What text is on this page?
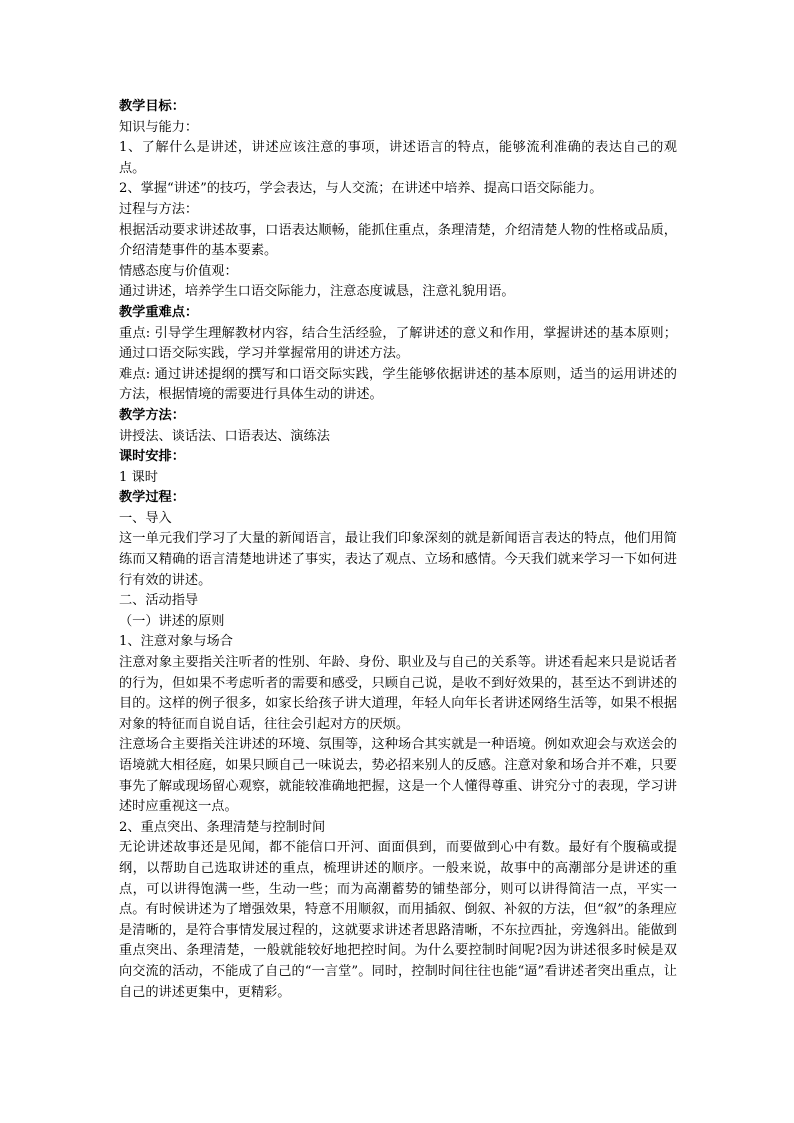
教学目标：
知识与能力：
1、了解什么是讲述，讲述应该注意的事项，讲述语言的特点，能够流利准确的表达自己的观点。
2、掌握“讲述”的技巧，学会表达，与人交流；在讲述中培养、提高口语交际能力。
过程与方法：
根据活动要求讲述故事，口语表达顺畅，能抓住重点，条理清楚，介绍清楚人物的性格或品质，介绍清楚事件的基本要素。
情感态度与价值观：
通过讲述，培养学生口语交际能力，注意态度诚恳，注意礼貌用语。
教学重难点：
重点: 引导学生理解教材内容，结合生活经验，了解讲述的意义和作用，掌握讲述的基本原则；通过口语交际实践，学习并掌握常用的讲述方法。
难点: 通过讲述提纲的撰写和口语交际实践，学生能够依据讲述的基本原则，适当的运用讲述的方法，根据情境的需要进行具体生动的讲述。
教学方法：
讲授法、谈话法、口语表达、演练法
课时安排：
1 课时
教学过程：
一、导入
这一单元我们学习了大量的新闻语言，最让我们印象深刻的就是新闻语言表达的特点，他们用简练而又精确的语言清楚地讲述了事实，表达了观点、立场和感情。今天我们就来学习一下如何进行有效的讲述。
二、活动指导
（一）讲述的原则
1、注意对象与场合
注意对象主要指关注听者的性别、年龄、身份、职业及与自己的关系等。讲述看起来只是说话者的行为，但如果不考虑听者的需要和感受，只顾自己说，是收不到好效果的，甚至达不到讲述的目的。这样的例子很多，如家长给孩子讲大道理，年轻人向年长者讲述网络生活等，如果不根据对象的特征而自说自话，往往会引起对方的厌烦。
注意场合主要指关注讲述的环境、氛围等，这种场合其实就是一种语境。例如欢迎会与欢送会的语境就大相径庭，如果只顾自己一味说去，势必招来别人的反感。注意对象和场合并不难，只要事先了解或现场留心观察，就能较准确地把握，这是一个人懂得尊重、讲究分寸的表现，学习讲述时应重视这一点。
2、重点突出、条理清楚与控制时间
无论讲述故事还是见闻，都不能信口开河、面面俱到，而要做到心中有数。最好有个腹稿或提纲，以帮助自己选取讲述的重点，梳理讲述的顺序。一般来说，故事中的高潮部分是讲述的重点，可以讲得饱满一些，生动一些；而为高潮蓄势的铺垫部分，则可以讲得简洁一点，平实一点。有时候讲述为了增强效果，特意不用顺叙，而用插叙、倒叙、补叙的方法，但“叙”的条理应是清晰的，是符合事情发展过程的，这就要求讲述者思路清晰，不东拉西扯，旁逸斜出。能做到重点突出、条理清楚，一般就能较好地把控时间。为什么要控制时间呢?因为讲述很多时候是双向交流的活动，不能成了自己的“一言堂”。同时，控制时间往往也能“逼”看讲述者突出重点，让自己的讲述更集中，更精彩。
